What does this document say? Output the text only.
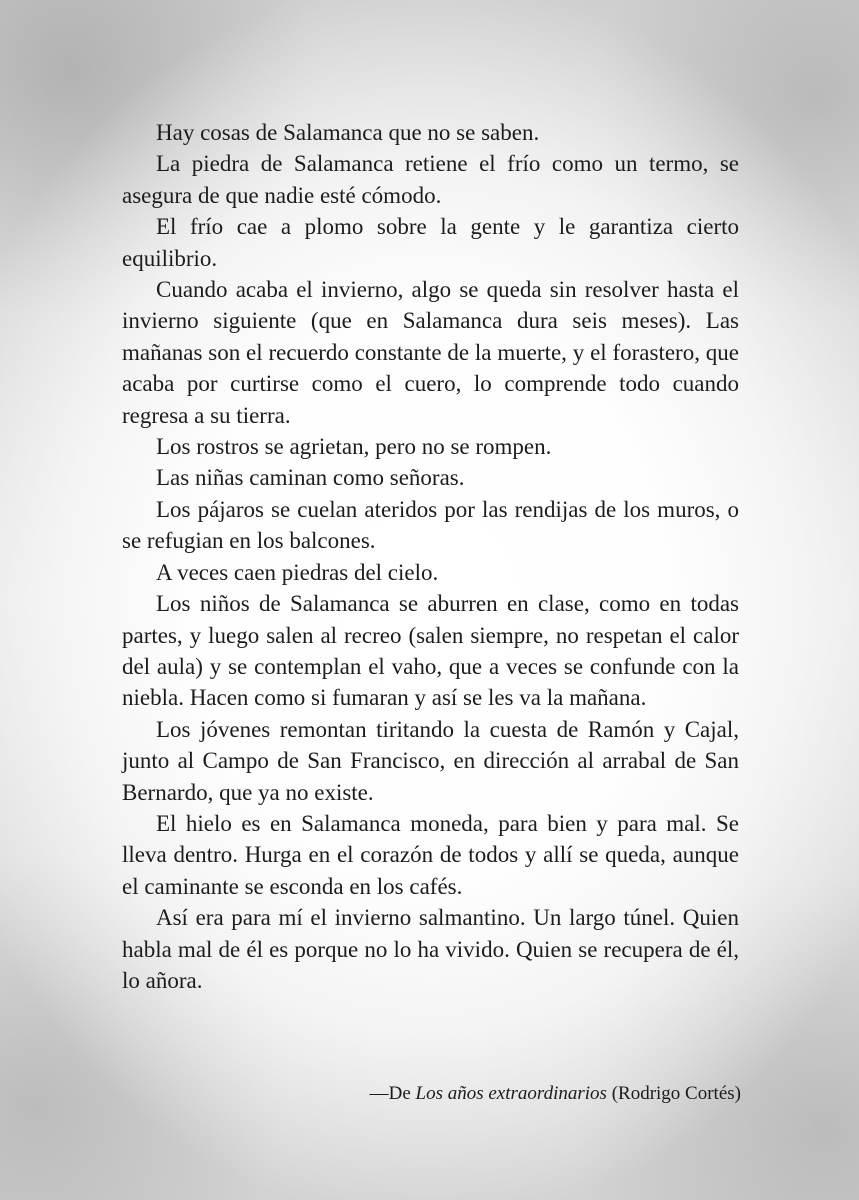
Hay cosas de Salamanca que no se saben.

La piedra de Salamanca retiene el frío como un termo, se asegura de que nadie esté cómodo.

El frío cae a plomo sobre la gente y le garantiza cierto equilibrio.

Cuando acaba el invierno, algo se queda sin resolver hasta el invierno siguiente (que en Salamanca dura seis meses). Las mañanas son el recuerdo constante de la muerte, y el forastero, que acaba por curtirse como el cuero, lo comprende todo cuando regresa a su tierra.

Los rostros se agrietan, pero no se rompen.

Las niñas caminan como señoras.

Los pájaros se cuelan ateridos por las rendijas de los muros, o se refugian en los balcones.

A veces caen piedras del cielo.

Los niños de Salamanca se aburren en clase, como en todas partes, y luego salen al recreo (salen siempre, no respetan el calor del aula) y se contemplan el vaho, que a veces se confunde con la niebla. Hacen como si fumaran y así se les va la mañana.

Los jóvenes remontan tiritando la cuesta de Ramón y Cajal, junto al Campo de San Francisco, en dirección al arrabal de San Bernardo, que ya no existe.

El hielo es en Salamanca moneda, para bien y para mal. Se lleva dentro. Hurga en el corazón de todos y allí se queda, aunque el caminante se esconda en los cafés.

Así era para mí el invierno salmantino. Un largo túnel. Quien habla mal de él es porque no lo ha vivido. Quien se recupera de él, lo añora.

—De Los años extraordinarios (Rodrigo Cortés)
